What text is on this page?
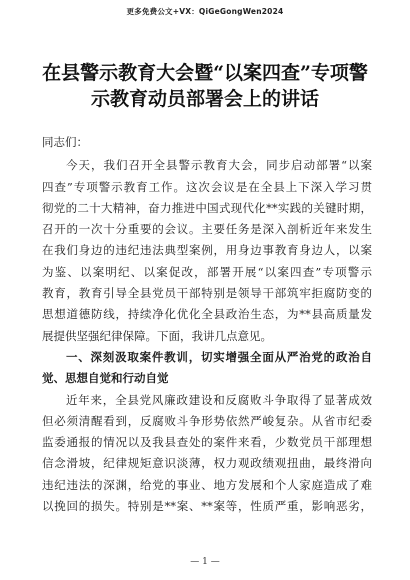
更多免费公文+VX：QiGeGongWen2024
在县警示教育大会暨“以案四查”专项警
示教育动员部署会上的讲话
同志们：
今天，我们召开全县警示教育大会，同步启动部署“以案
四查”专项警示教育工作。这次会议是在全县上下深入学习贯
彻党的二十大精神，奋力推进中国式现代化**实践的关键时期，
召开的一次十分重要的会议。主要任务是深入剖析近年来发生
在我们身边的违纪违法典型案例，用身边事教育身边人，以案
为鉴、以案明纪、以案促改，部署开展“以案四查”专项警示
教育，教育引导全县党员干部特别是领导干部筑牢拒腐防变的
思想道德防线，持续净化优化全县政治生态，为**县高质量发
展提供坚强纪律保障。下面，我讲几点意见。
一、深刻汲取案件教训，切实增强全面从严治党的政治自
觉、思想自觉和行动自觉
近年来，全县党风廉政建设和反腐败斗争取得了显著成效
但必须清醒看到，反腐败斗争形势依然严峻复杂。从省市纪委
监委通报的情况以及我县查处的案件来看，少数党员干部理想
信念滑坡，纪律规矩意识淡薄，权力观政绩观扭曲，最终滑向
违纪违法的深渊，给党的事业、地方发展和个人家庭造成了难
以挽回的损失。特别是**案、**案等，性质严重，影响恶劣，
— 1 —
